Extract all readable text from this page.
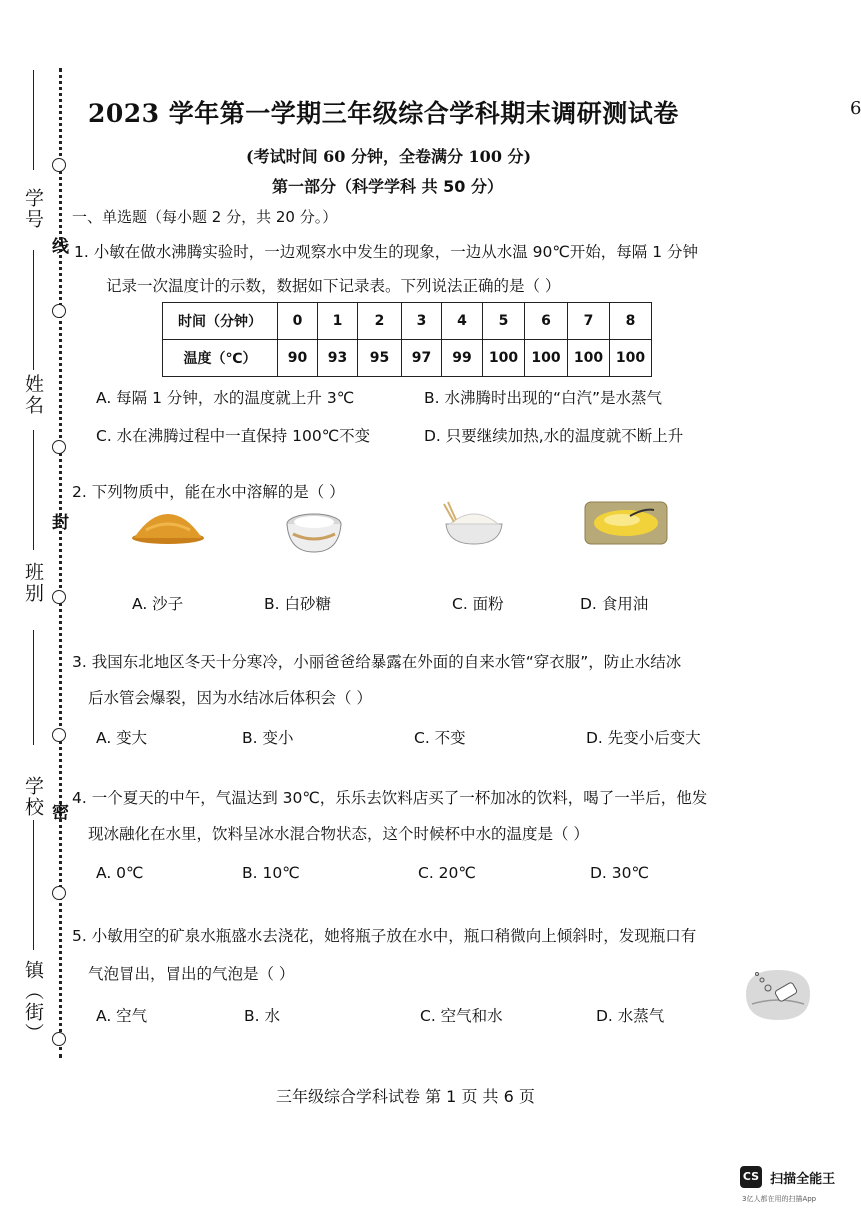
学号
姓名
班别
学校
镇（街）
线
封
密
2023 学年第一学期三年级综合学科期末调研测试卷	6
(考试时间 60 分钟，全卷满分 100 分)
第一部分（科学学科 共 50 分）
一、单选题（每小题 2 分，共 20 分。）
1. 小敏在做水沸腾实验时，一边观察水中发生的现象，一边从水温 90℃开始，每隔 1 分钟
记录一次温度计的示数，数据如下记录表。下列说法正确的是（ ）
时间（分钟）	0	1	2	3	4	5	6	7	8
温度（℃）	90	93	95	97	99	100	100	100	100
A. 每隔 1 分钟，水的温度就上升 3℃	B. 水沸腾时出现的“白汽”是水蒸气
C. 水在沸腾过程中一直保持 100℃不变	D. 只要继续加热,水的温度就不断上升
2. 下列物质中，能在水中溶解的是（ ）
A. 沙子	B. 白砂糖	C. 面粉	D. 食用油
3. 我国东北地区冬天十分寒冷，小丽爸爸给暴露在外面的自来水管“穿衣服”，防止水结冰
后水管会爆裂，因为水结冰后体积会（ ）
A. 变大	B. 变小	C. 不变	D. 先变小后变大
4. 一个夏天的中午，气温达到 30℃，乐乐去饮料店买了一杯加冰的饮料，喝了一半后，他发
现冰融化在水里，饮料呈冰水混合物状态，这个时候杯中水的温度是（ ）
A. 0℃	B. 10℃	C. 20℃	D. 30℃
5. 小敏用空的矿泉水瓶盛水去浇花，她将瓶子放在水中，瓶口稍微向上倾斜时，发现瓶口有
气泡冒出，冒出的气泡是（ ）
A. 空气	B. 水	C. 空气和水	D. 水蒸气
三年级综合学科试卷 第 1 页 共 6 页
CS 扫描全能王
3亿人都在用的扫描App
